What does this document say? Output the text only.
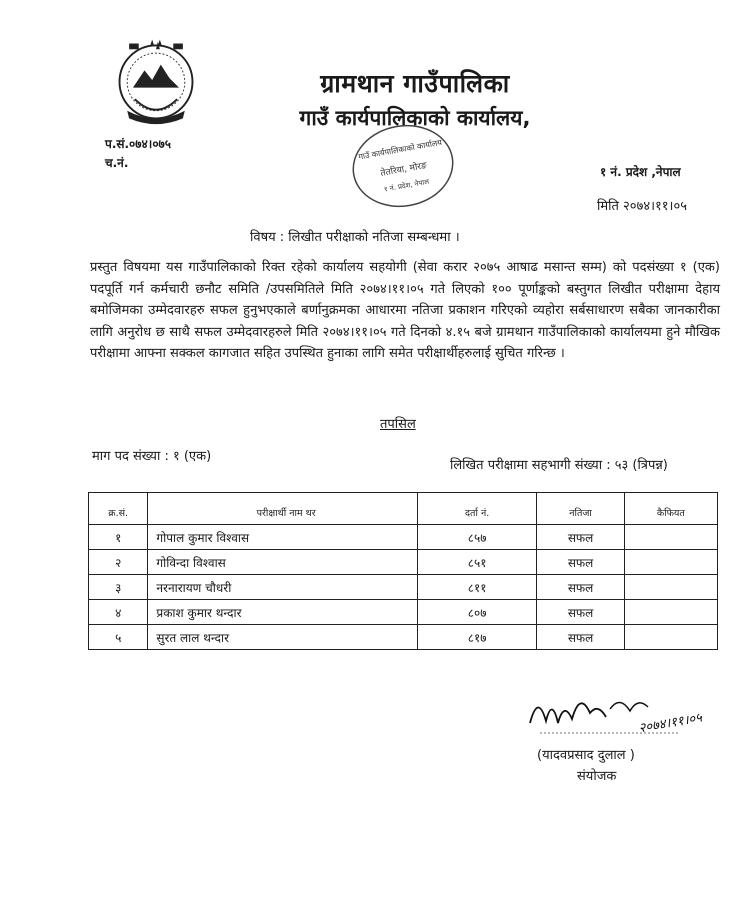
ग्रामथान गाउँपालिका
गाउँ कार्यपालिकाको कार्यालय,
प.सं.०७४।०७५
च.नं.
गाउँ कार्यपालिकाको कार्यालय
तेतरिया, मोरङ
१ नं. प्रदेश, नेपाल
१ नं. प्रदेश ,नेपाल
मिति २०७४।११।०५
विषय : लिखीत परीक्षाको नतिजा सम्बन्धमा ।
प्रस्तुत विषयमा यस गाउँपालिकाको रिक्त रहेको कार्यालय सहयोगी (सेवा करार २०७५ आषाढ मसान्त सम्म) को पदसंख्या १ (एक) पदपूर्ति गर्न कर्मचारी छनौट समिति /उपसमितिले मिति २०७४।११।०५ गते लिएको १०० पूर्णाङ्कको बस्तुगत लिखीत परीक्षामा देहाय बमोजिमका उम्मेदवारहरु सफल हुनुभएकाले बर्णानुक्रमका आधारमा नतिजा प्रकाशन गरिएको व्यहोरा सर्बसाधारण सबैका जानकारीका लागि अनुरोध छ साथै सफल उम्मेदवारहरुले मिति २०७४।११।०५ गते दिनको ४.१५ बजे ग्रामथान गाउँपालिकाको कार्यालयमा हुने मौखिक परीक्षामा आफ्ना सक्कल कागजात सहित उपस्थित हुनाका लागि समेत परीक्षार्थीहरुलाई सुचित गरिन्छ ।
तपसिल
माग पद संख्या : १ (एक)
लिखित परीक्षामा सहभागी संख्या : ५३ (त्रिपन्न)
क्र.सं.	परीक्षार्थी नाम थर	दर्ता नं.	नतिजा	कैफियत
१	गोपाल कुमार विश्वास	८५७	सफल	
२	गोविन्दा विश्वास	८५१	सफल	
३	नरनारायण चौधरी	८११	सफल	
४	प्रकाश कुमार थन्दार	८०७	सफल	
५	सुरत लाल थन्दार	८१७	सफल	
२०७४।११।०५
(यादवप्रसाद दुलाल )
संयोजक
